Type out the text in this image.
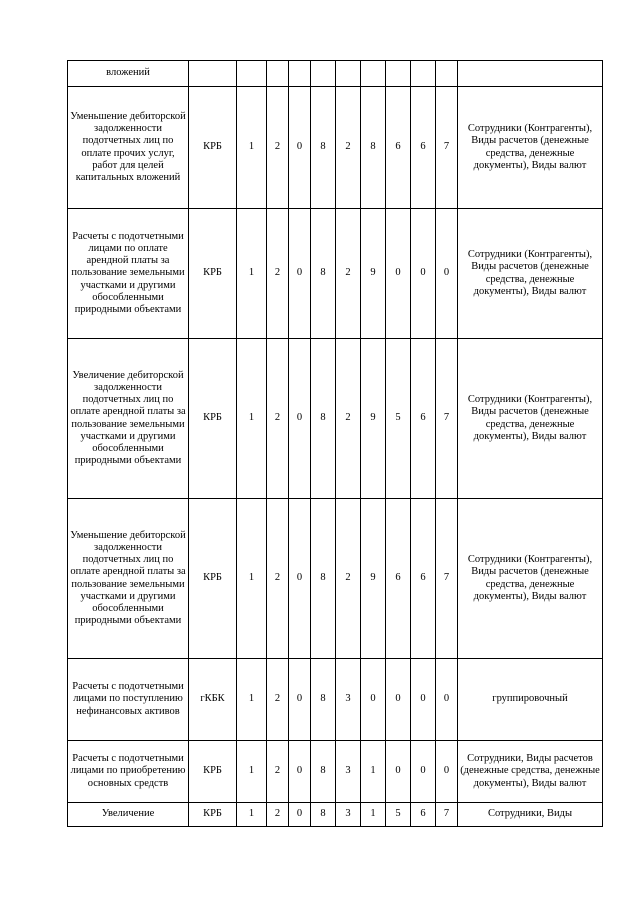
вложений											
Уменьшение дебиторской задолженности подотчетных лиц по оплате прочих услуг, работ для целей капитальных вложений	КРБ	1	2	0	8	2	8	6	6	7	Сотрудники (Контрагенты), Виды расчетов (денежные средства, денежные документы), Виды валют
Расчеты с подотчетными лицами по оплате арендной платы за пользование земельными участками и другими обособленными природными объектами	КРБ	1	2	0	8	2	9	0	0	0	Сотрудники (Контрагенты), Виды расчетов (денежные средства, денежные документы), Виды валют
Увеличение дебиторской задолженности подотчетных лиц по оплате арендной платы за пользование земельными участками и другими обособленными природными объектами	КРБ	1	2	0	8	2	9	5	6	7	Сотрудники (Контрагенты), Виды расчетов (денежные средства, денежные документы), Виды валют
Уменьшение дебиторской задолженности подотчетных лиц по оплате арендной платы за пользование земельными участками и другими обособленными природными объектами	КРБ	1	2	0	8	2	9	6	6	7	Сотрудники (Контрагенты), Виды расчетов (денежные средства, денежные документы), Виды валют
Расчеты с подотчетными лицами по поступлению нефинансовых активов	гКБК	1	2	0	8	3	0	0	0	0	группировочный
Расчеты с подотчетными лицами по приобретению основных средств	КРБ	1	2	0	8	3	1	0	0	0	Сотрудники, Виды расчетов (денежные средства, денежные документы), Виды валют
Увеличение	КРБ	1	2	0	8	3	1	5	6	7	Сотрудники, Виды
